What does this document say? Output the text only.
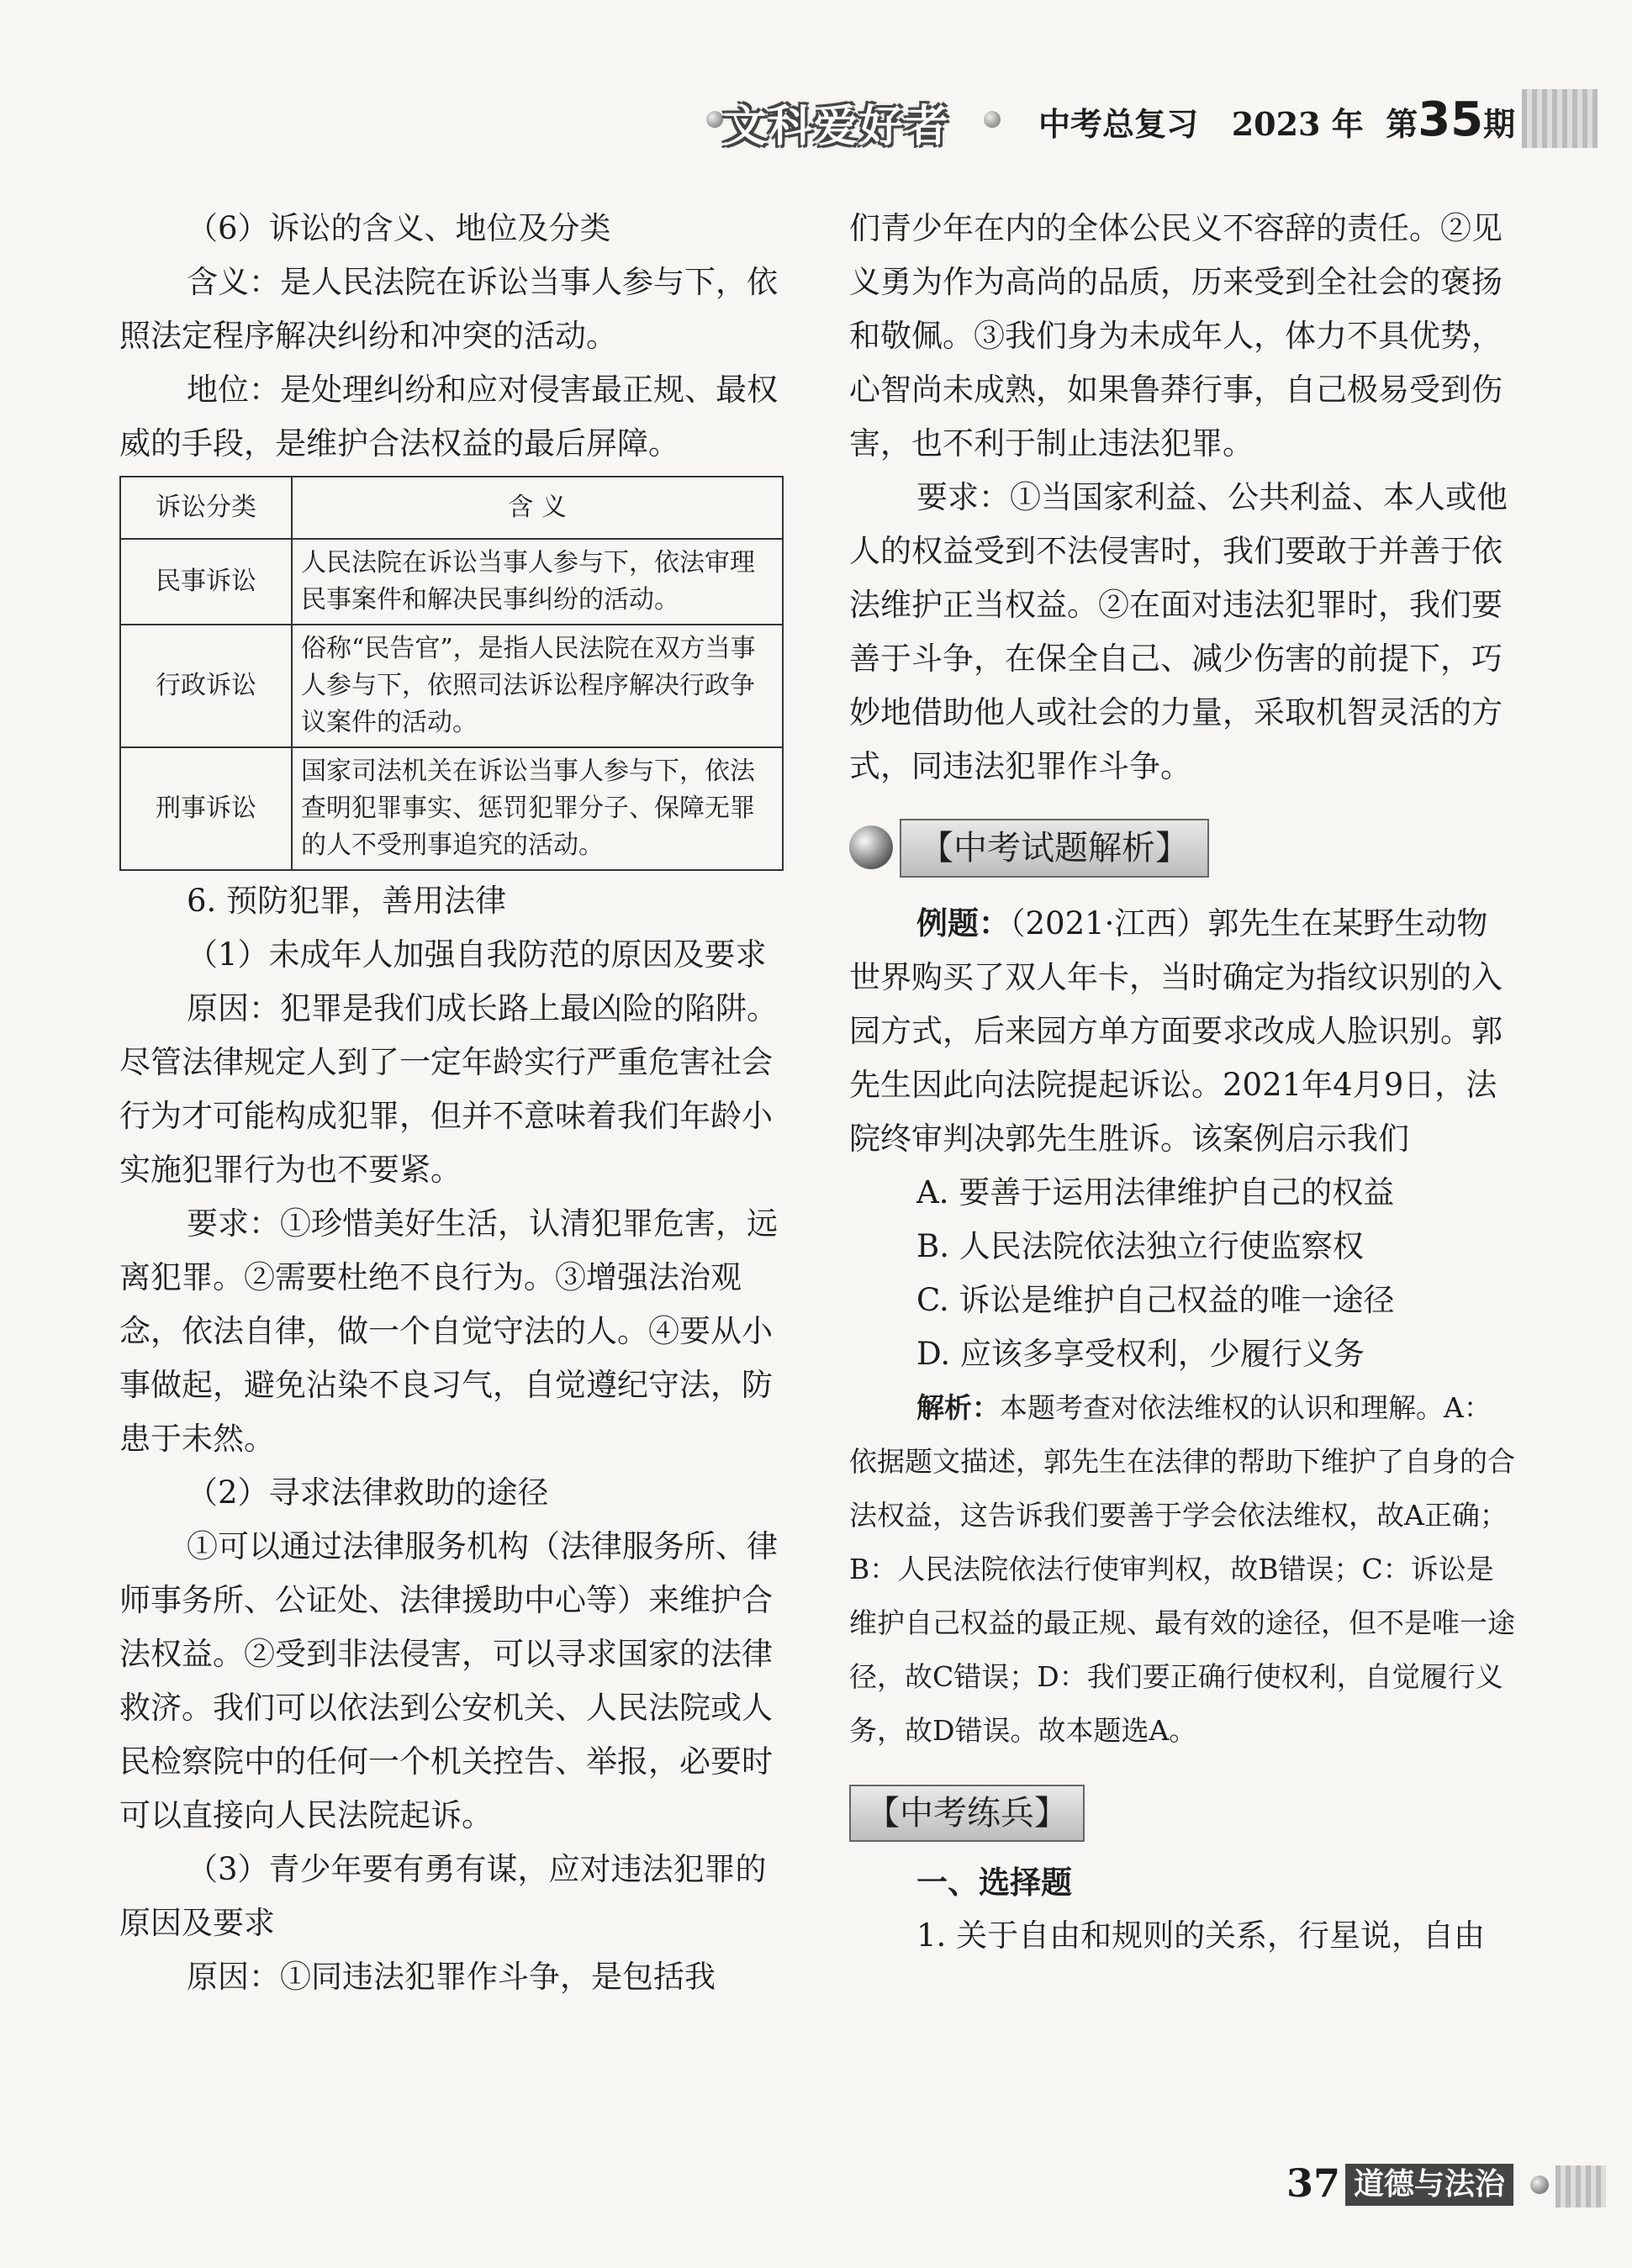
文科爱好者	中考总复习 2023 年 第35期

（6）诉讼的含义、地位及分类

含义：是人民法院在诉讼当事人参与下，依照法定程序解决纠纷和冲突的活动。

地位：是处理纠纷和应对侵害最正规、最权威的手段，是维护合法权益的最后屏障。

诉讼分类	含 义
民事诉讼	人民法院在诉讼当事人参与下，依法审理民事案件和解决民事纠纷的活动。
行政诉讼	俗称“民告官”，是指人民法院在双方当事人参与下，依照司法诉讼程序解决行政争议案件的活动。
刑事诉讼	国家司法机关在诉讼当事人参与下，依法查明犯罪事实、惩罚犯罪分子、保障无罪的人不受刑事追究的活动。

6. 预防犯罪，善用法律

（1）未成年人加强自我防范的原因及要求

原因：犯罪是我们成长路上最凶险的陷阱。尽管法律规定人到了一定年龄实行严重危害社会行为才可能构成犯罪，但并不意味着我们年龄小实施犯罪行为也不要紧。

要求：①珍惜美好生活，认清犯罪危害，远离犯罪。②需要杜绝不良行为。③增强法治观念，依法自律，做一个自觉守法的人。④要从小事做起，避免沾染不良习气，自觉遵纪守法，防患于未然。

（2）寻求法律救助的途径

①可以通过法律服务机构（法律服务所、律师事务所、公证处、法律援助中心等）来维护合法权益。②受到非法侵害，可以寻求国家的法律救济。我们可以依法到公安机关、人民法院或人民检察院中的任何一个机关控告、举报，必要时可以直接向人民法院起诉。

（3）青少年要有勇有谋，应对违法犯罪的原因及要求

原因：①同违法犯罪作斗争，是包括我

们青少年在内的全体公民义不容辞的责任。②见义勇为作为高尚的品质，历来受到全社会的褒扬和敬佩。③我们身为未成年人，体力不具优势，心智尚未成熟，如果鲁莽行事，自己极易受到伤害，也不利于制止违法犯罪。

要求：①当国家利益、公共利益、本人或他人的权益受到不法侵害时，我们要敢于并善于依法维护正当权益。②在面对违法犯罪时，我们要善于斗争，在保全自己、减少伤害的前提下，巧妙地借助他人或社会的力量，采取机智灵活的方式，同违法犯罪作斗争。

【中考试题解析】

例题：（2021·江西）郭先生在某野生动物世界购买了双人年卡，当时确定为指纹识别的入园方式，后来园方单方面要求改成人脸识别。郭先生因此向法院提起诉讼。2021年4月9日，法院终审判决郭先生胜诉。该案例启示我们

A. 要善于运用法律维护自己的权益

B. 人民法院依法独立行使监察权

C. 诉讼是维护自己权益的唯一途径

D. 应该多享受权利，少履行义务

解析：本题考查对依法维权的认识和理解。A：依据题文描述，郭先生在法律的帮助下维护了自身的合法权益，这告诉我们要善于学会依法维权，故A正确；B：人民法院依法行使审判权，故B错误；C：诉讼是维护自己权益的最正规、最有效的途径，但不是唯一途径，故C错误；D：我们要正确行使权利，自觉履行义务，故D错误。故本题选A。

【中考练兵】

一、选择题

1. 关于自由和规则的关系，行星说，自由

37 道德与法治
